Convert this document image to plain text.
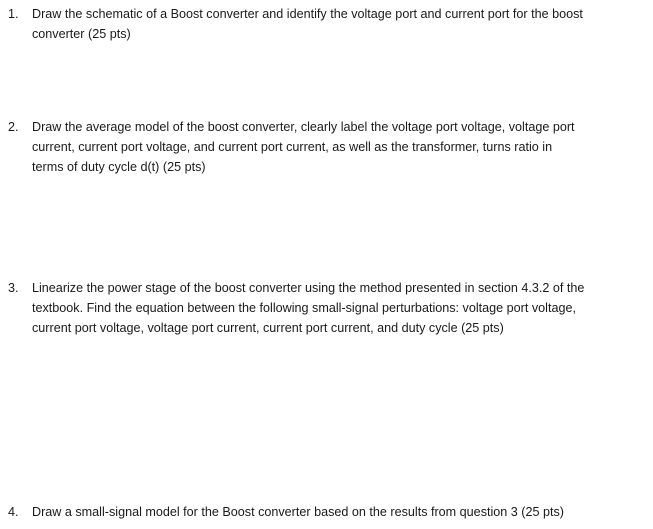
1.	Draw the schematic of a Boost converter and identify the voltage port and current port for the boost
converter (25 pts)
2.	Draw the average model of the boost converter, clearly label the voltage port voltage, voltage port
current, current port voltage, and current port current, as well as the transformer, turns ratio in
terms of duty cycle d(t) (25 pts)
3.	Linearize the power stage of the boost converter using the method presented in section 4.3.2 of the
textbook. Find the equation between the following small-signal perturbations: voltage port voltage,
current port voltage, voltage port current, current port current, and duty cycle (25 pts)
4.	Draw a small-signal model for the Boost converter based on the results from question 3 (25 pts)
